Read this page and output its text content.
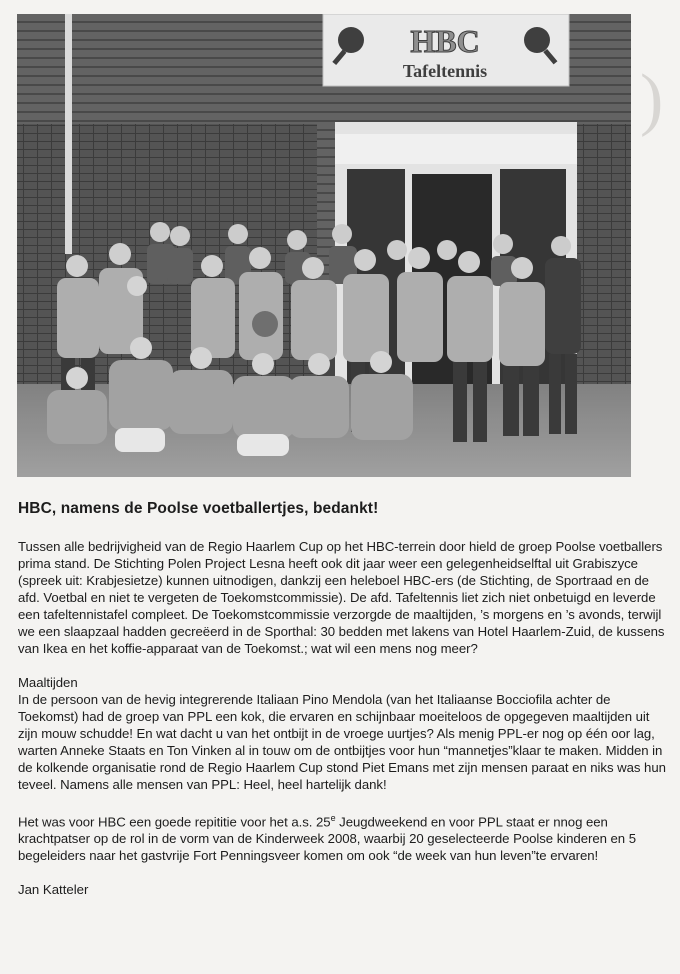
)
HBC
Tafeltennis
HBC, namens de Poolse voetballertjes, bedankt!

Tussen alle bedrijvigheid van de Regio Haarlem Cup op het HBC-terrein door hield de groep Poolse voetballers prima stand. De Stichting Polen Project Lesna heeft ook dit jaar weer een gelegenheidselftal uit Grabiszyce (spreek uit: Krabjesietze) kunnen uitnodigen, dankzij een heleboel HBC-ers (de Stichting, de Sportraad en de afd. Voetbal en niet te vergeten de Toekomstcommissie). De afd. Tafeltennis liet zich niet onbetuigd en leverde een tafeltennistafel compleet. De Toekomstcommissie verzorgde de maaltijden, ’s morgens en ’s avonds, terwijl we een slaapzaal hadden gecreëerd in de Sporthal: 30 bedden met lakens van Hotel Haarlem-Zuid, de kussens van Ikea en het koffie-apparaat van de Toekomst.; wat wil een mens nog meer?

Maaltijden

In de persoon van de hevig integrerende Italiaan Pino Mendola (van het Italiaanse Bocciofila achter de Toekomst) had de groep van PPL een kok, die ervaren en schijnbaar moeiteloos de opgegeven maaltijden uit zijn mouw schudde! En wat dacht u van het ontbijt in de vroege uurtjes? Als menig PPL-er nog op één oor lag, warten Anneke Staats en Ton Vinken al in touw om de ontbijtjes voor hun “mannetjes”klaar te maken. Midden in de kolkende organisatie rond de Regio Haarlem Cup stond Piet Emans met zijn mensen paraat en niks was hun teveel. Namens alle mensen van PPL: Heel, heel hartelijk dank!

Het was voor HBC een goede repititie voor het a.s. 25e Jeugdweekend en voor PPL staat er nnog een krachtpatser op de rol in de vorm van de Kinderweek 2008, waarbij 20 geselecteerde Poolse kinderen en 5 begeleiders naar het gastvrije Fort Penningsveer komen om ook “de week van hun leven”te ervaren!

Jan Katteler
